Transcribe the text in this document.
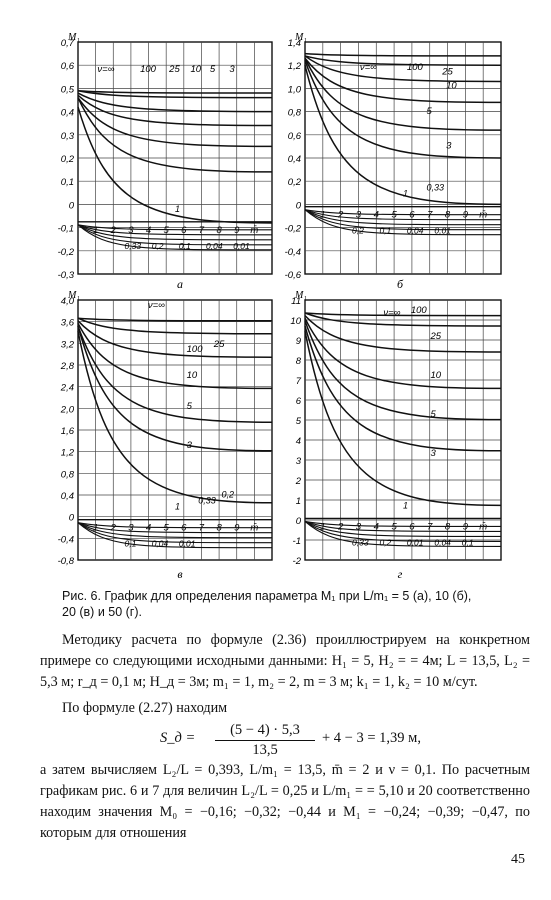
0,7
0,6
0,5
0,4
0,3
0,2
0,1
0
-0,1
-0,2
-0,3
M₁
1 2 3 4 5 6 7 8 9 m̄
ν=∞	100 25 10 5 3
1
0,33 0,2 0,1 0,04 0,01
а
1,4
1,2
1,0
0,8
0,6
0,4
0,2
0
-0,2
-0,4
-0,6
M₁
1 2 3 4 5 6 7 8 9 m̄
ν=∞	100 25
10
5
3
1
0,33
0,2 0,1 0,04 0,01
б
4,0
3,6
3,2
2,8
2,4
2,0
1,6
1,2
0,8
0,4
0
-0,4
-0,8
M₁
1 2 3 4 5 6 7 8 9 m̄
ν=∞
100 25
10
5
3
1
0,33
0,2
0,1 0,04 0,01
в
11
10
9
8
7
6
5
4
3
2
1
0
-1
-2
M₁
1 2 3 4 5 6 7 8 9 m̄
ν=∞ 100
25
10
5
3
1
0,33 0,2 0,01 0,04 0,1
г
Рис. 6. График для определения параметра M₁ при L/m₁ = 5 (а), 10 (б),
20 (в) и 50 (г).

Методику расчета по формуле (2.36) проиллюстрируем на конкретном примере со следующими исходными данными: H₁ = 5, H₂ = = 4м; L = 13,5, L₂ = 5,3 м; r_д = 0,1 м; H_д = 3м; m₁ = 1, m₂ = 2, m = 3 м; k₁ = 1, k₂ = 10 м/сут.

По формуле (2.27) находим

S_д = $\frac{(5 - 4) \cdot 5,3}{13,5} + 4 - 3 = 1,39$ м,

а затем вычисляем L₂/L = 0,393, L/m₁ = 13,5, m̄ = 2 и ν = 0,1. По расчетным графикам рис. 6 и 7 для величин L₂/L = 0,25 и L/m₁ = = 5,10 и 20 соответственно находим значения M₀ = −0,16; −0,32; −0,44 и M₁ = −0,24; −0,39; −0,47, по которым для отношения

45
